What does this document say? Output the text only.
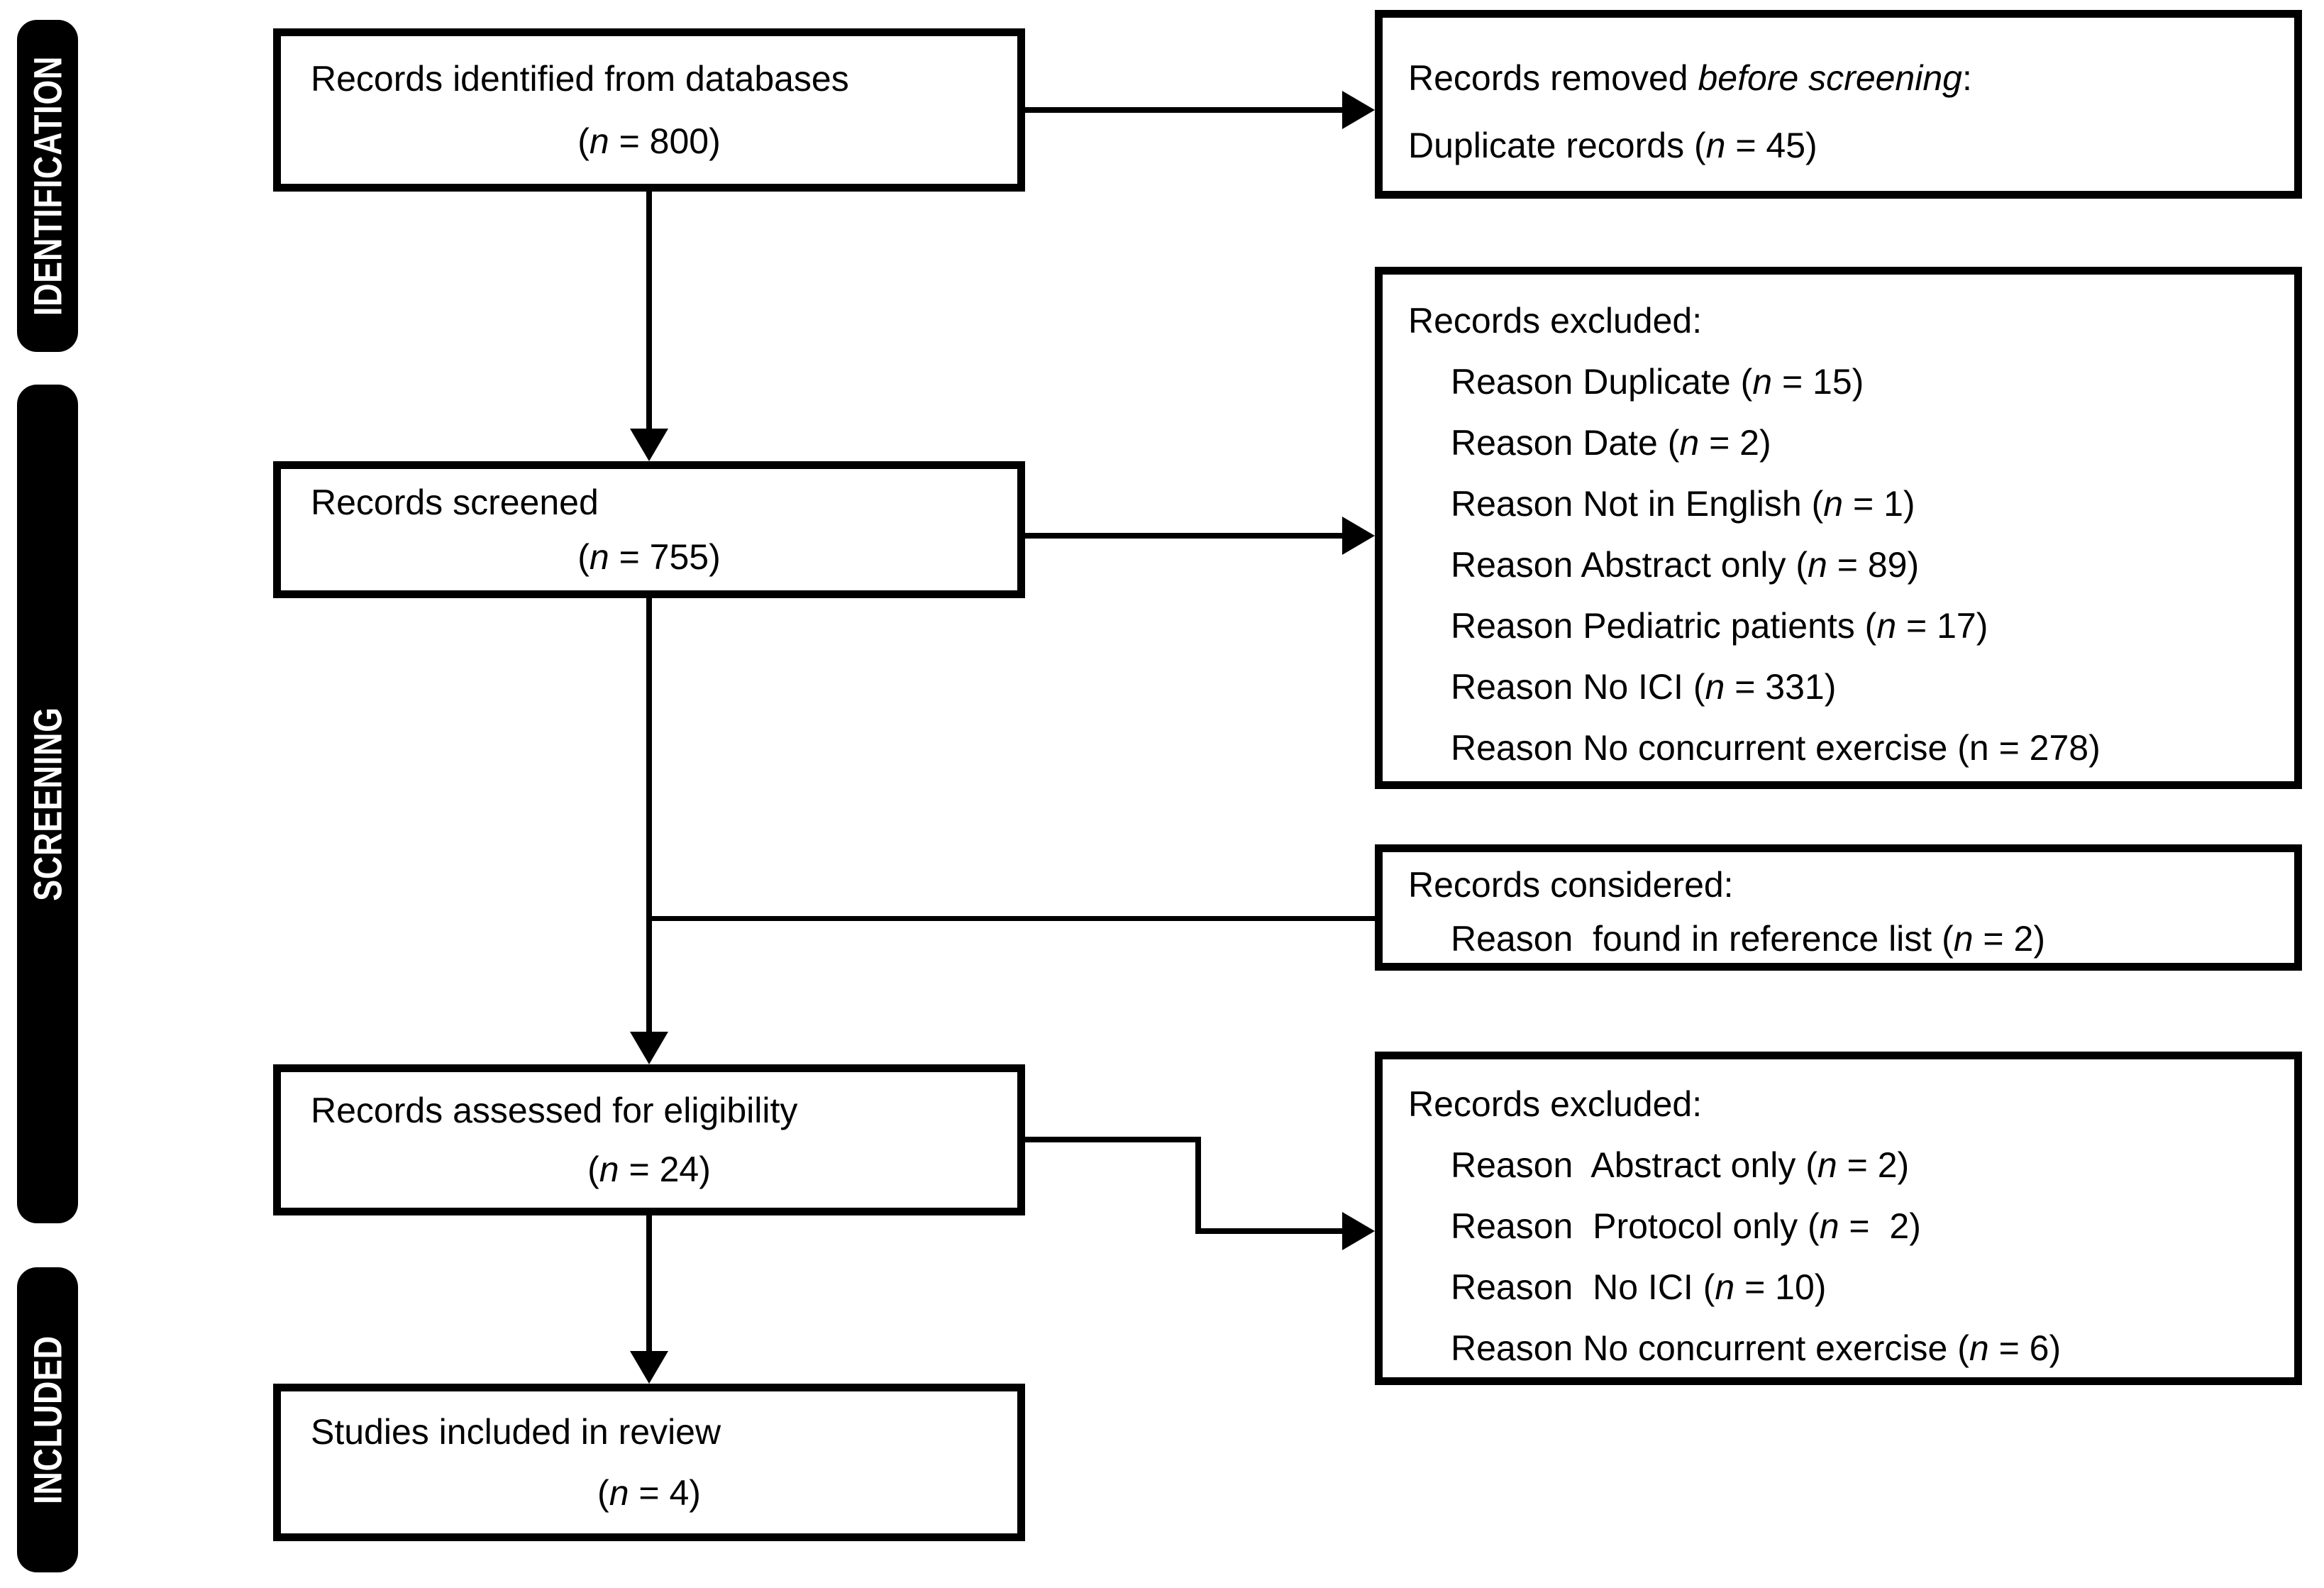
IDENTIFICATION
SCREENING
INCLUDED
Records identified from databases
(n = 800)
Records screened
(n = 755)
Records assessed for eligibility
(n = 24)
Studies included in review
(n = 4)
Records removed before screening:
Duplicate records (n = 45)
Records excluded:
Reason Duplicate (n = 15)
Reason Date (n = 2)
Reason Not in English (n = 1)
Reason Abstract only (n = 89)
Reason Pediatric patients (n = 17)
Reason No ICI (n = 331)
Reason No concurrent exercise (n = 278)
Records considered:
Reason  found in reference list (n = 2)
Records excluded:
Reason  Abstract only (n = 2)
Reason  Protocol only (n =  2)
Reason  No ICI (n = 10)
Reason No concurrent exercise (n = 6)
